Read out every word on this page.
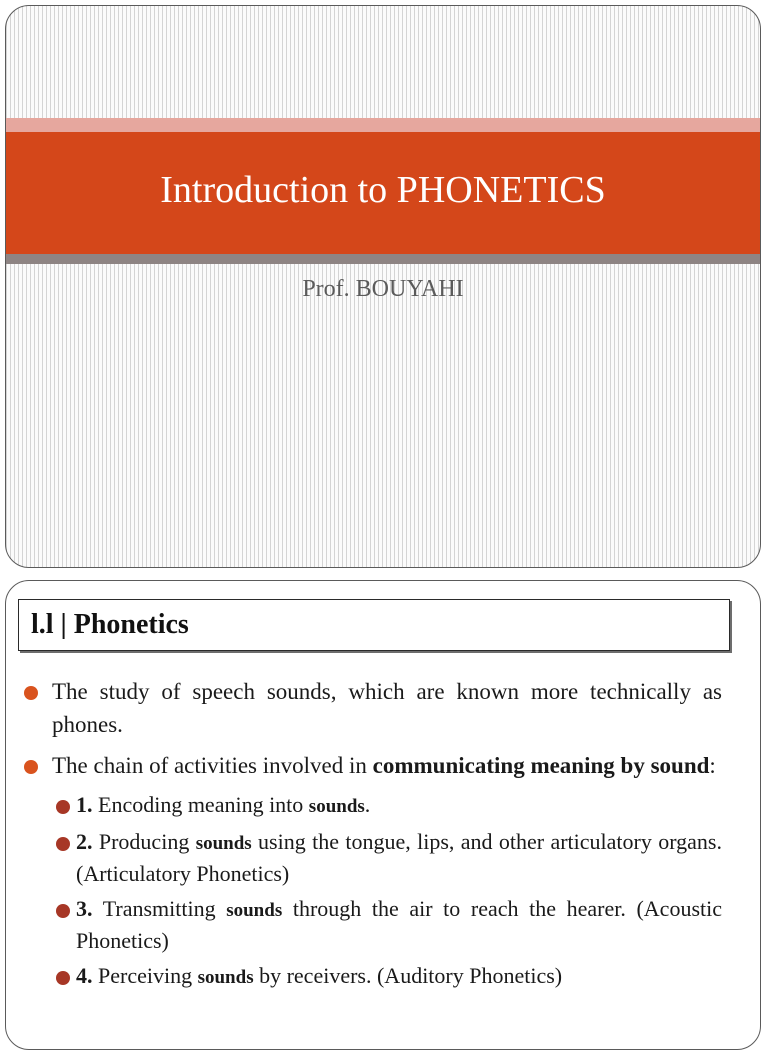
Introduction to PHONETICS
Prof. BOUYAHI
l.l | Phonetics
The study of speech sounds, which are known more technically as phones.
The chain of activities involved in communicating meaning by sound:
1. Encoding meaning into sounds.
2. Producing sounds using the tongue, lips, and other articulatory organs. (Articulatory Phonetics)
3. Transmitting sounds through the air to reach the hearer. (Acoustic Phonetics)
4. Perceiving sounds by receivers. (Auditory Phonetics)
